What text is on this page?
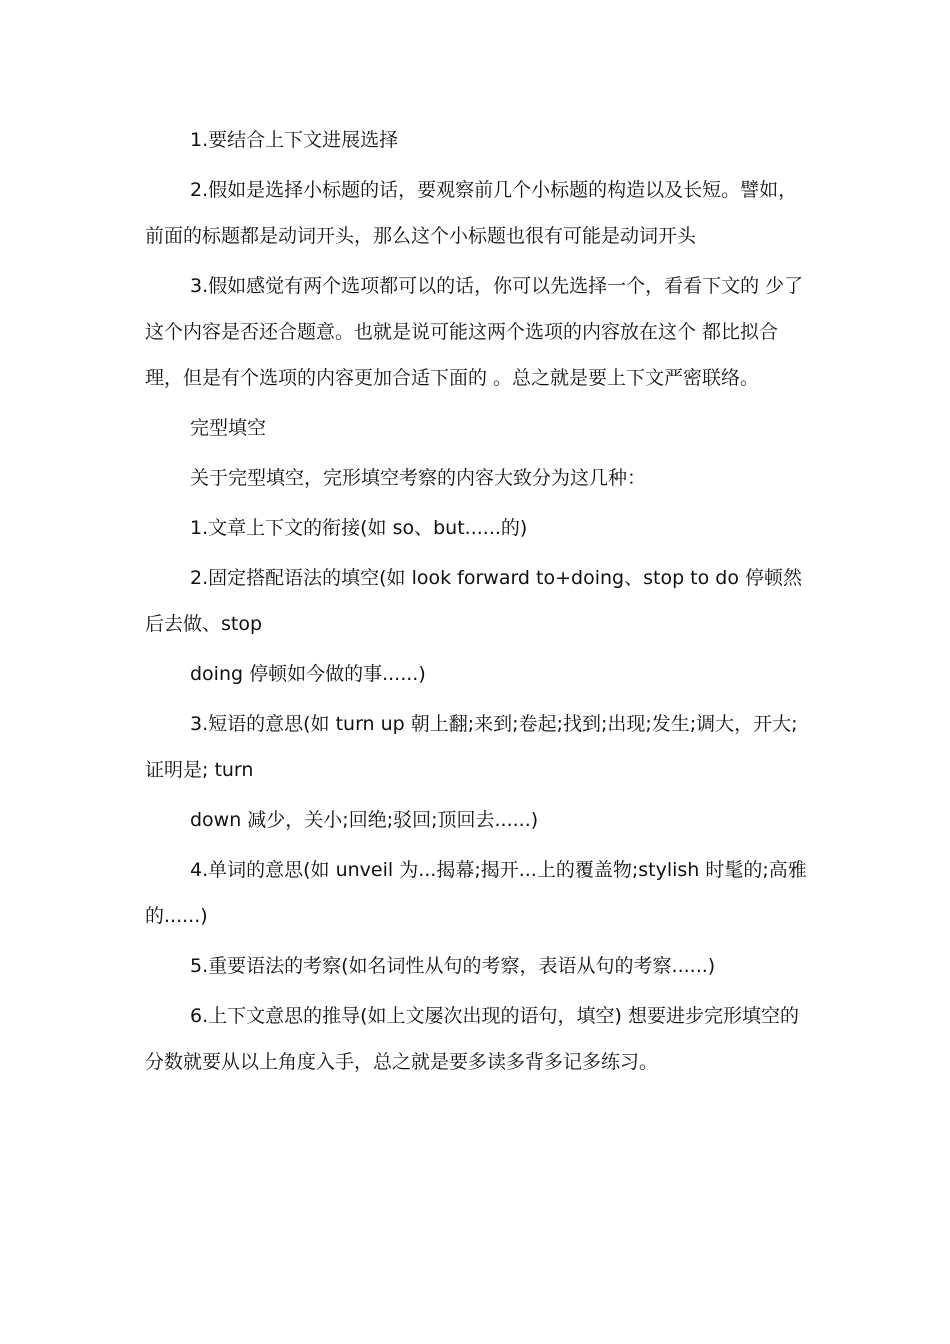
1.要结合上下文进展选择

2.假如是选择小标题的话，要观察前几个小标题的构造以及长短。譬如，前面的标题都是动词开头，那么这个小标题也很有可能是动词开头

3.假如感觉有两个选项都可以的话，你可以先选择一个，看看下文的 少了这个内容是否还合题意。也就是说可能这两个选项的内容放在这个 都比拟合理，但是有个选项的内容更加合适下面的 。总之就是要上下文严密联络。

完型填空

关于完型填空，完形填空考察的内容大致分为这几种：

1.文章上下文的衔接(如 so、but......的)

2.固定搭配语法的填空(如 look forward to+doing、stop to do 停顿然后去做、stop

doing 停顿如今做的事......)

3.短语的意思(如 turn up 朝上翻;来到;卷起;找到;出现;发生;调大，开大;证明是; turn

down 减少，关小;回绝;驳回;顶回去......)

4.单词的意思(如 unveil 为...揭幕;揭开...上的覆盖物;stylish 时髦的;高雅的......)

5.重要语法的考察(如名词性从句的考察，表语从句的考察......)

6.上下文意思的推导(如上文屡次出现的语句，填空) 想要进步完形填空的分数就要从以上角度入手，总之就是要多读多背多记多练习。
